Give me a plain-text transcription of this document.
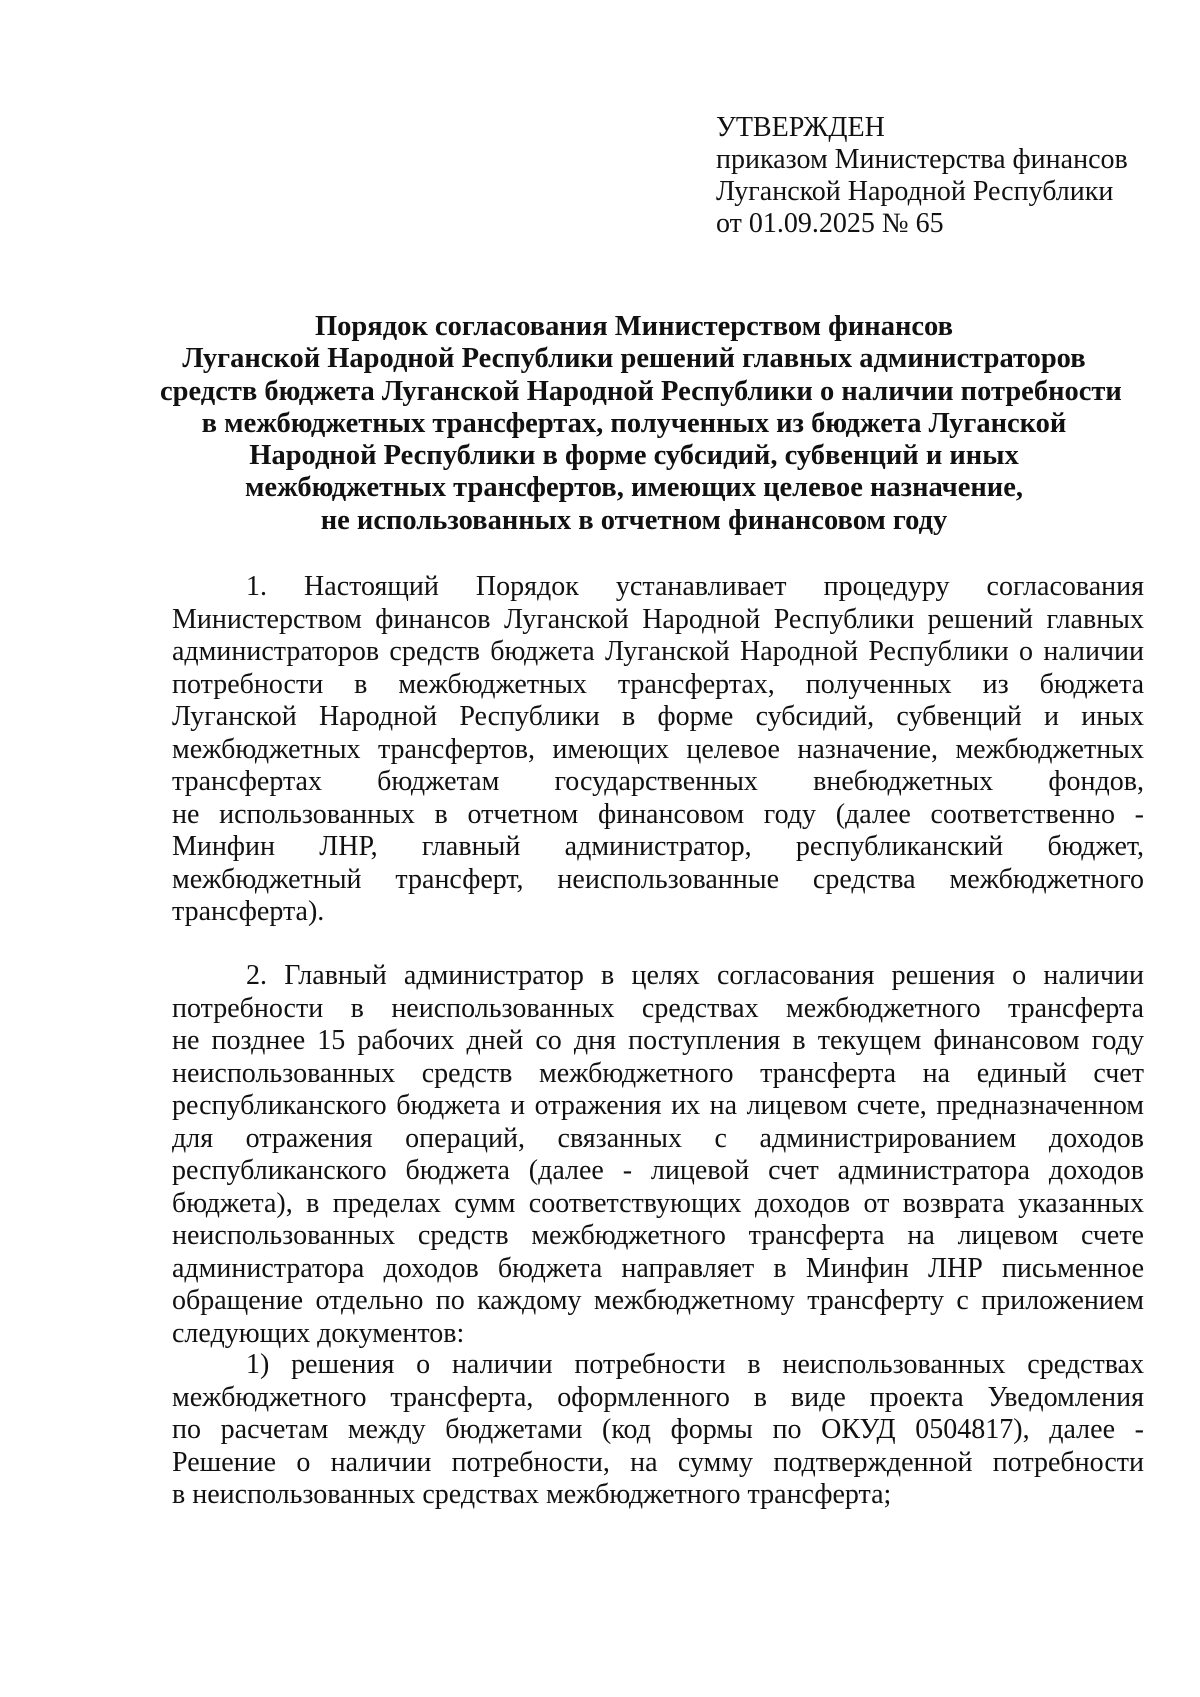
УТВЕРЖДЕН
приказом Министерства финансов
Луганской Народной Республики
от 01.09.2025 № 65
Порядок согласования Министерством финансов
Луганской Народной Республики решений главных администраторов
средств бюджета Луганской Народной Республики о наличии потребности
в межбюджетных трансфертах, полученных из бюджета Луганской
Народной Республики в форме субсидий, субвенций и иных
межбюджетных трансфертов, имеющих целевое назначение,
не использованных в отчетном финансовом году
1. Настоящий Порядок устанавливает процедуру согласования
Министерством финансов Луганской Народной Республики решений главных
администраторов средств бюджета Луганской Народной Республики о наличии
потребности в межбюджетных трансфертах, полученных из бюджета
Луганской Народной Республики в форме субсидий, субвенций и иных
межбюджетных трансфертов, имеющих целевое назначение, межбюджетных
трансфертах бюджетам государственных внебюджетных фондов,
не использованных в отчетном финансовом году (далее соответственно -
Минфин ЛНР, главный администратор, республиканский бюджет,
межбюджетный трансферт, неиспользованные средства межбюджетного
трансферта).
2. Главный администратор в целях согласования решения о наличии
потребности в неиспользованных средствах межбюджетного трансферта
не позднее 15 рабочих дней со дня поступления в текущем финансовом году
неиспользованных средств межбюджетного трансферта на единый счет
республиканского бюджета и отражения их на лицевом счете, предназначенном
для отражения операций, связанных с администрированием доходов
республиканского бюджета (далее - лицевой счет администратора доходов
бюджета), в пределах сумм соответствующих доходов от возврата указанных
неиспользованных средств межбюджетного трансферта на лицевом счете
администратора доходов бюджета направляет в Минфин ЛНР письменное
обращение отдельно по каждому межбюджетному трансферту с приложением
следующих документов:
1) решения о наличии потребности в неиспользованных средствах
межбюджетного трансферта, оформленного в виде проекта Уведомления
по расчетам между бюджетами (код формы по ОКУД 0504817), далее -
Решение о наличии потребности, на сумму подтвержденной потребности
в неиспользованных средствах межбюджетного трансферта;
